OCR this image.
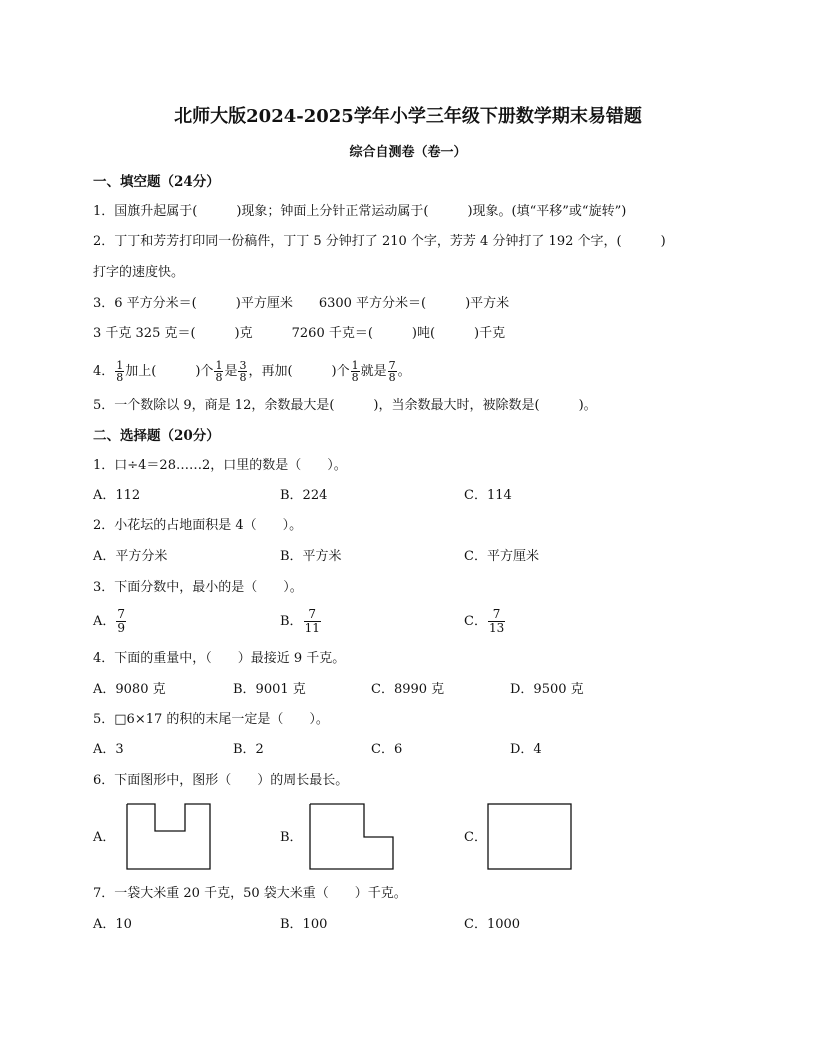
北师大版2024-2025学年小学三年级下册数学期末易错题
综合自测卷（卷一）
一、填空题（24分）
1．国旗升起属于(　　　)现象；钟面上分针正常运动属于(　　　)现象。(填“平移”或“旋转”)
2．丁丁和芳芳打印同一份稿件，丁丁 5 分钟打了 210 个字，芳芳 4 分钟打了 192 个字，(　　　)
打字的速度快。
3．6 平方分米＝(　　　)平方厘米　　6300 平方分米＝(　　　)平方米
3 千克 325 克＝(　　　)克　　　7260 千克＝(　　　)吨(　　　)千克
4． $\frac{1}{8}$ 加上(　　　)个 $\frac{1}{8}$ 是 $\frac{3}{8}$ ，再加(　　　)个 $\frac{1}{8}$ 就是 $\frac{7}{8}$ 。
5．一个数除以 9，商是 12，余数最大是(　　　)，当余数最大时，被除数是(　　　)。
二、选择题（20分）
1．口÷4＝28……2，口里的数是（　　）。
A．112	B．224	C．114
2．小花坛的占地面积是 4（　　）。
A．平方分米	B．平方米	C．平方厘米
3．下面分数中，最小的是（　　）。
A． $\frac{7}{9}$	B． $\frac{7}{11}$	C． $\frac{7}{13}$
4．下面的重量中，（　　）最接近 9 千克。
A．9080 克	B．9001 克	C．8990 克	D．9500 克
5．□6×17 的积的末尾一定是（　　）。
A．3	B．2	C．6	D．4
6．下面图形中，图形（　　）的周长最长。
A．	B．	C．
7．一袋大米重 20 千克，50 袋大米重（　　）千克。
A．10	B．100	C．1000
